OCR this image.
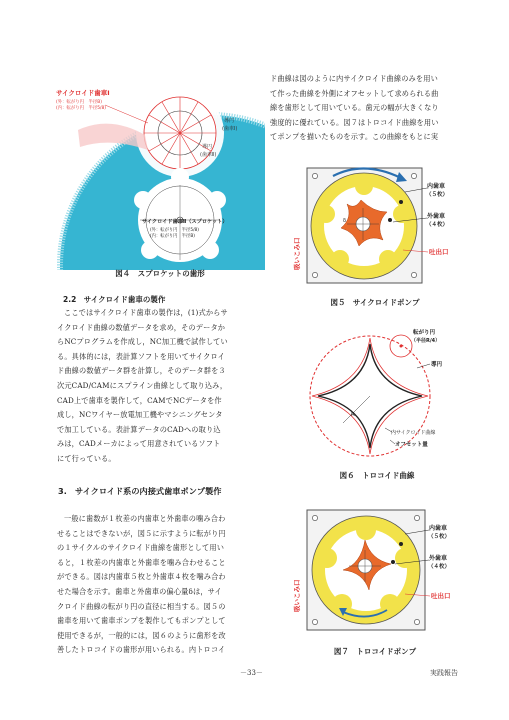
サイクロイド歯車Ⅰ
(外：転がり円　半径B)
(内：転がり円　半径5/8)
導円
(歯車Ⅰ)
導円
(歯車Ⅱ)
サイクロイド歯車Ⅱ（スプロケット）
(外：転がり円　半径5/8)
(内：転がり円　半径B)
図４　スプロケットの歯形
2.2　サイクロイド歯車の製作
ここではサイクロイド歯車の製作は，(1)式からサ
イクロイド曲線の数値データを求め，そのデータか
らNCプログラムを作成し，NC加工機で試作してい
る。具体的には，表計算ソフトを用いてサイクロイ
ド曲線の数値データ群を計算し，そのデータ群を３
次元CAD/CAMにスプライン曲線として取り込み，
CAD上で歯車を製作して，CAMでNCデータを作
成し，NCワイヤー放電加工機やマシニングセンタ
で加工している。表計算データのCADへの取り込
みは，CADメーカによって用意されているソフト
にて行っている。
3.　サイクロイド系の内接式歯車ポンプ製作
一般に歯数が１枚差の内歯車と外歯車の噛み合わ
せることはできないが，図５に示すように転がり円
の１サイクルのサイクロイド曲線を歯形として用い
ると，１枚差の内歯車と外歯車を噛み合わせること
ができる。図は内歯車５枚と外歯車４枚を噛み合わ
せた場合を示す。歯車と外歯車の偏心量δは，サイ
クロイド曲線の転がり円の直径に相当する。図５の
歯車を用いて歯車ポンプを製作してもポンプとして
使用できるが，一般的には，図６のように歯形を改
善したトロコイドの歯形が用いられる。内トロコイ
ド曲線は図のように内サイクロイド曲線のみを用い
て作った曲線を外側にオフセットして求められる曲
線を歯形として用いている。歯元の幅が大きくなり
強度的に優れている。図７はトロコイド曲線を用い
てポンプを描いたものを示す。この曲線をもとに実
δ
内歯車
（５枚）
外歯車
（４枚）
吐出口
吸いこみ口
図５　サイクロイドポンプ
R
転がり円
（半径R/4）
導円
内サイクロイド曲線
オフセット量
図６　トロコイド曲線
内歯車
（５枚）
外歯車
（４枚）
吐出口
吸いこみ口
図７　トロコイドポンプ
－33－	実践報告
